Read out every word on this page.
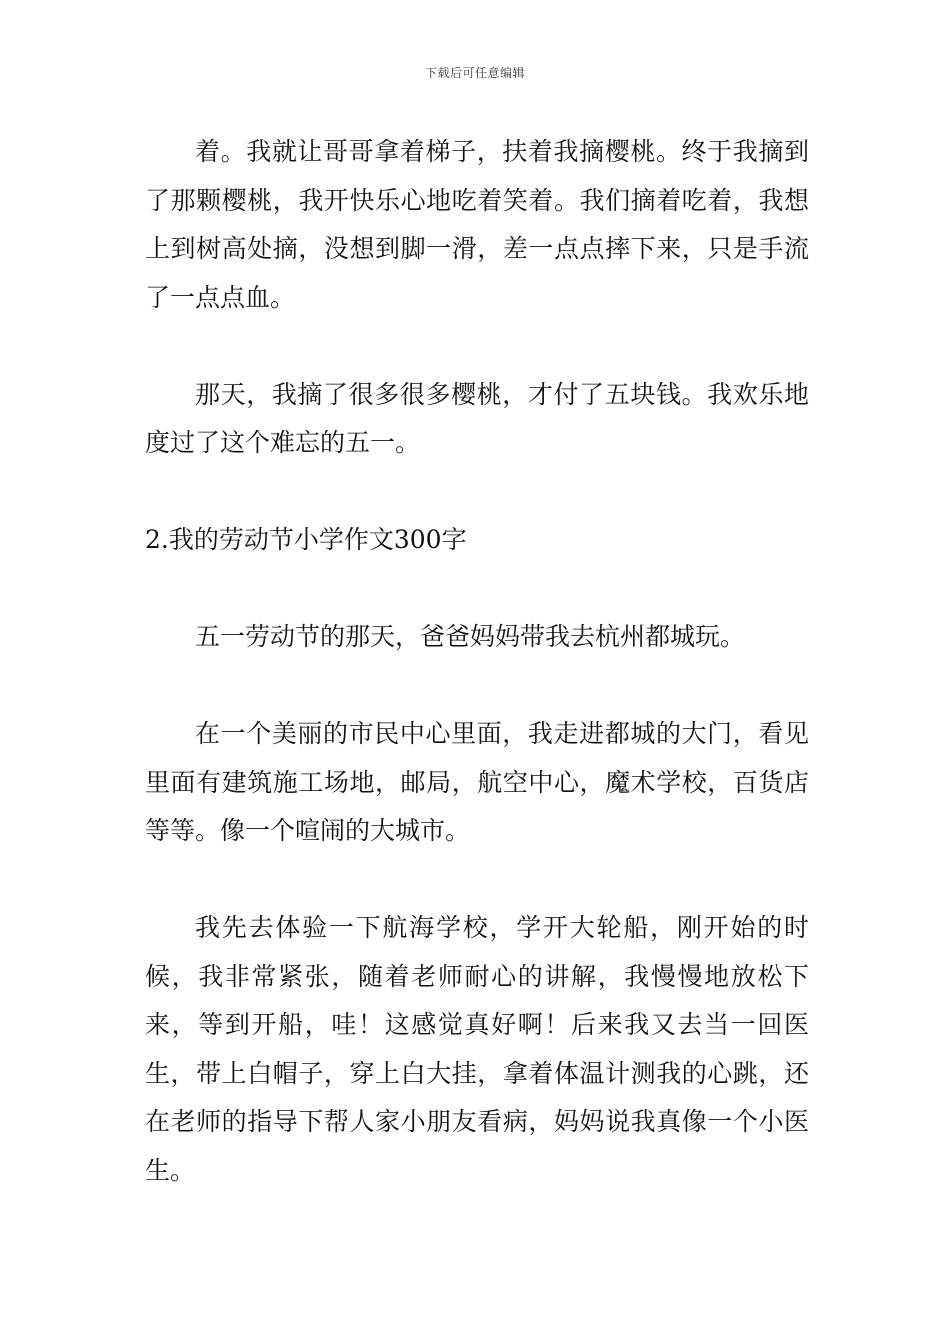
下载后可任意编辑

着。我就让哥哥拿着梯子，扶着我摘樱桃。终于我摘到了那颗樱桃，我开快乐心地吃着笑着。我们摘着吃着，我想上到树高处摘，没想到脚一滑，差一点点摔下来，只是手流了一点点血。

那天，我摘了很多很多樱桃，才付了五块钱。我欢乐地度过了这个难忘的五一。

2.我的劳动节小学作文300字

五一劳动节的那天，爸爸妈妈带我去杭州都城玩。

在一个美丽的市民中心里面，我走进都城的大门，看见里面有建筑施工场地，邮局，航空中心，魔术学校，百货店等等。像一个喧闹的大城市。

我先去体验一下航海学校，学开大轮船，刚开始的时候，我非常紧张，随着老师耐心的讲解，我慢慢地放松下来，等到开船，哇！这感觉真好啊！后来我又去当一回医生，带上白帽子，穿上白大挂，拿着体温计测我的心跳，还在老师的指导下帮人家小朋友看病，妈妈说我真像一个小医生。
